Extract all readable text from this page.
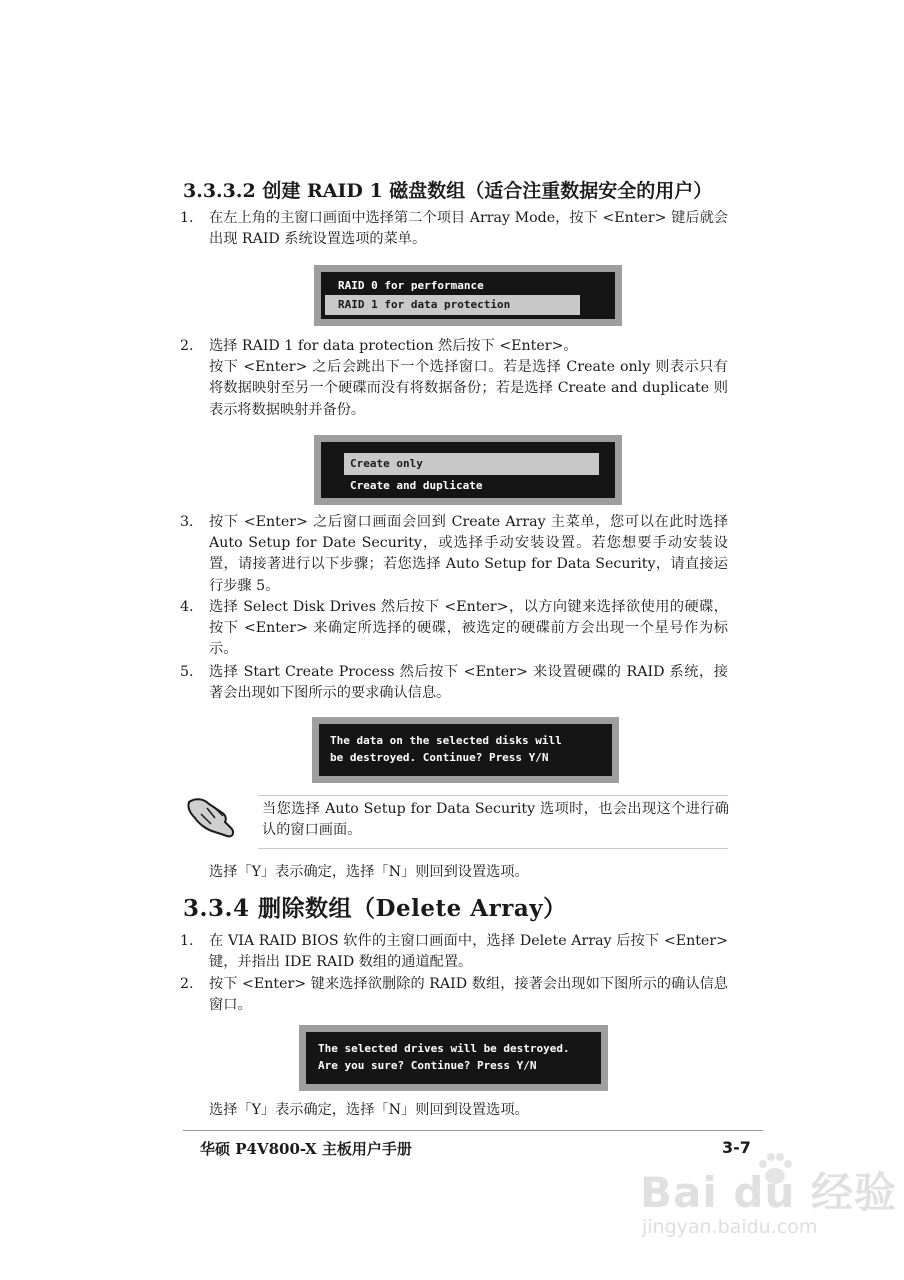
3.3.3.2 创建 RAID 1 磁盘数组（适合注重数据安全的用户）
1.	在左上角的主窗口画面中选择第二个项目 Array Mode，按下 <Enter> 键后就会出现 RAID 系统设置选项的菜单。
RAID 0 for performance
RAID 1 for data protection
2.	选择 RAID 1 for data protection 然后按下 <Enter>。
按下 <Enter> 之后会跳出下一个选择窗口。若是选择 Create only 则表示只有将数据映射至另一个硬碟而没有将数据备份；若是选择 Create and duplicate 则表示将数据映射并备份。
Create only
Create and duplicate
3.	按下 <Enter> 之后窗口画面会回到 Create Array 主菜单，您可以在此时选择 Auto Setup for Date Security，或选择手动安装设置。若您想要手动安装设置，请接著进行以下步骤；若您选择 Auto Setup for Data Security，请直接运行步骤 5。
4.	选择 Select Disk Drives 然后按下 <Enter>，以方向键来选择欲使用的硬碟，按下 <Enter> 来确定所选择的硬碟，被选定的硬碟前方会出现一个星号作为标示。
5.	选择 Start Create Process 然后按下 <Enter> 来设置硬碟的 RAID 系统，接著会出现如下图所示的要求确认信息。
The data on the selected disks will
be destroyed. Continue? Press Y/N
当您选择 Auto Setup for Data Security 选项时，也会出现这个进行确认的窗口画面。
选择「Y」表示确定，选择「N」则回到设置选项。
3.3.4 删除数组（Delete Array）
1.	在 VIA RAID BIOS 软件的主窗口画面中，选择 Delete Array 后按下 <Enter> 键，并指出 IDE RAID 数组的通道配置。
2.	按下 <Enter> 键来选择欲删除的 RAID 数组，接著会出现如下图所示的确认信息窗口。
The selected drives will be destroyed.
Are you sure? Continue? Press Y/N
选择「Y」表示确定，选择「N」则回到设置选项。
华硕 P4V800-X 主板用户手册	3-7
Bai du 经验
jingyan.baidu.com
